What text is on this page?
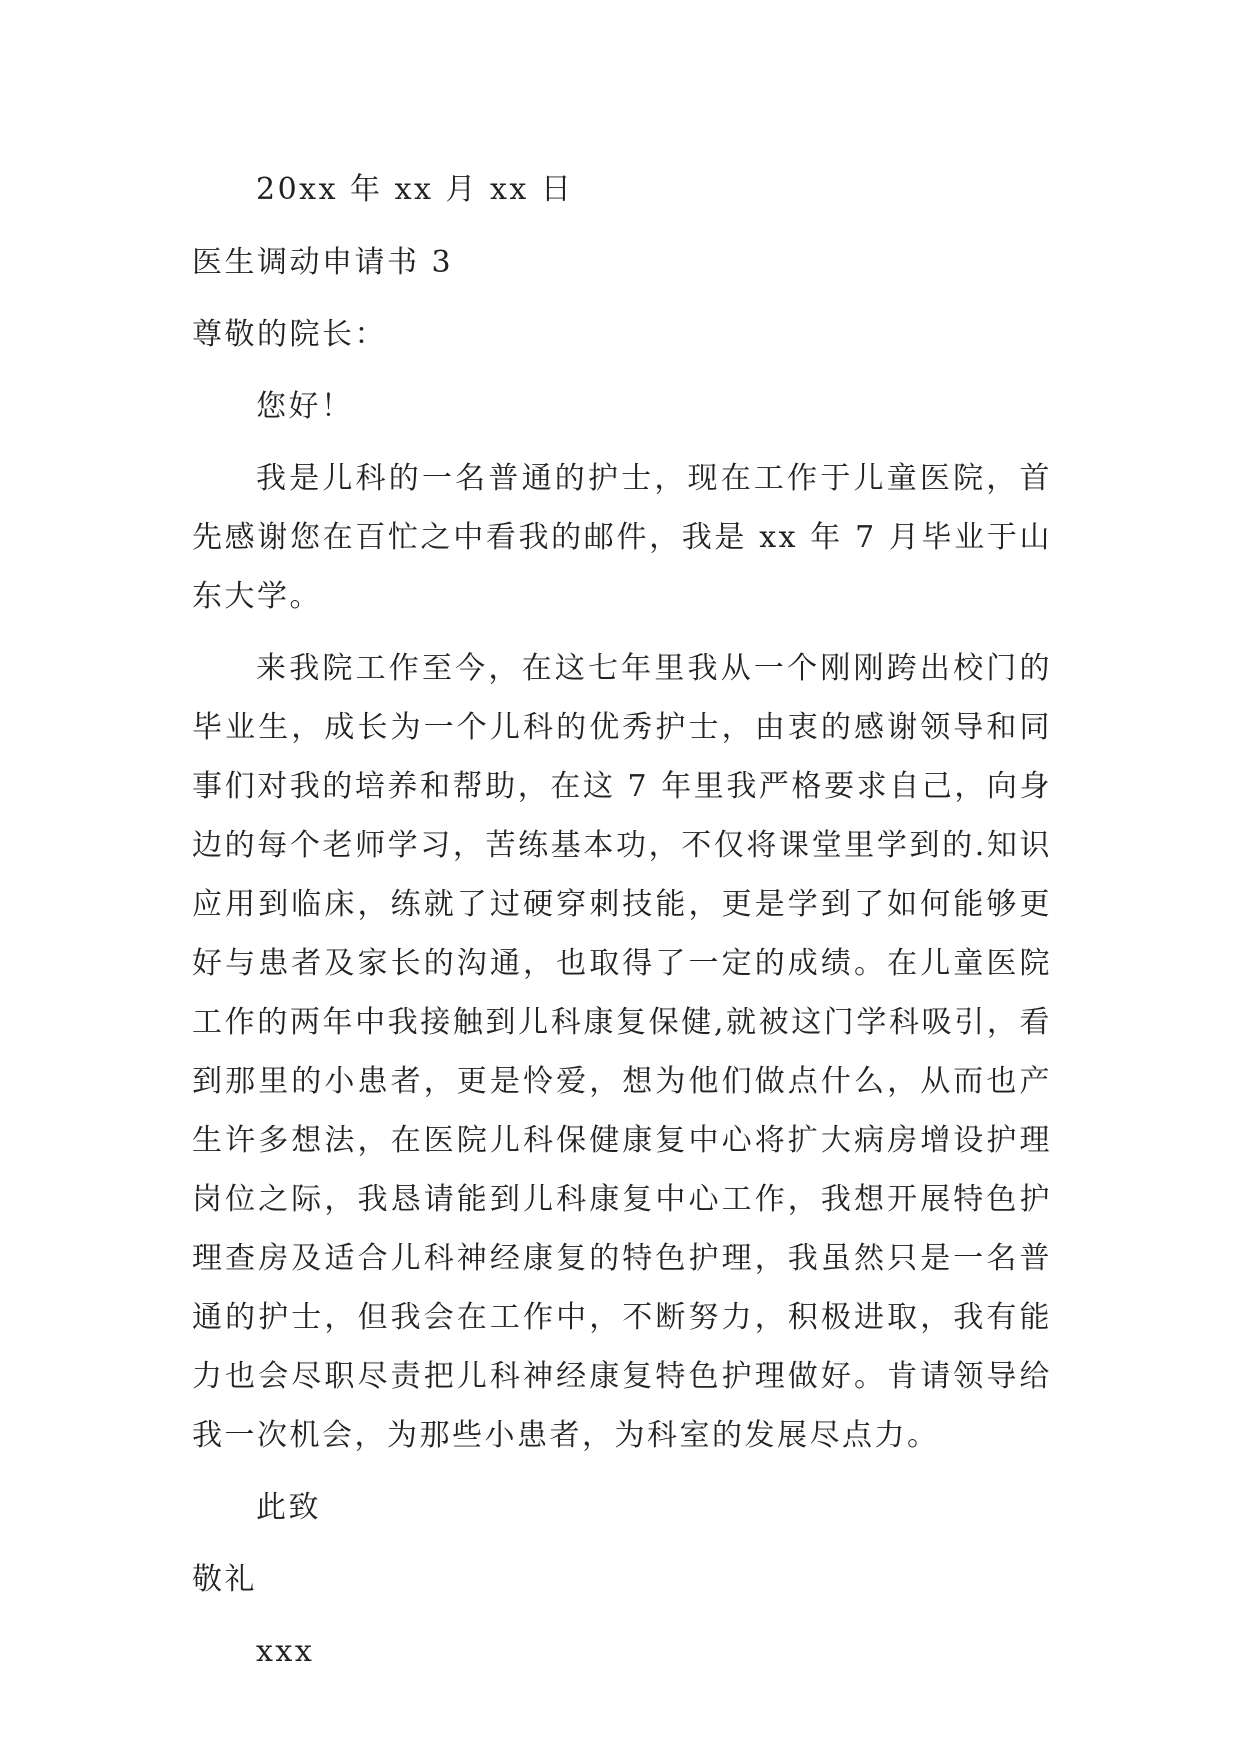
20xx 年 xx 月 xx 日

医生调动申请书 3

尊敬的院长：

您好！

我是儿科的一名普通的护士，现在工作于儿童医院，首先感谢您在百忙之中看我的邮件，我是 xx 年 7 月毕业于山东大学。

来我院工作至今，在这七年里我从一个刚刚跨出校门的毕业生，成长为一个儿科的优秀护士，由衷的感谢领导和同事们对我的培养和帮助，在这 7 年里我严格要求自己，向身边的每个老师学习，苦练基本功，不仅将课堂里学到的.知识应用到临床，练就了过硬穿刺技能，更是学到了如何能够更好与患者及家长的沟通，也取得了一定的成绩。在儿童医院工作的两年中我接触到儿科康复保健,就被这门学科吸引，看到那里的小患者，更是怜爱，想为他们做点什么，从而也产生许多想法，在医院儿科保健康复中心将扩大病房增设护理岗位之际，我恳请能到儿科康复中心工作，我想开展特色护理查房及适合儿科神经康复的特色护理，我虽然只是一名普通的护士，但我会在工作中，不断努力，积极进取，我有能力也会尽职尽责把儿科神经康复特色护理做好。肯请领导给我一次机会，为那些小患者，为科室的发展尽点力。

此致

敬礼

xxx
